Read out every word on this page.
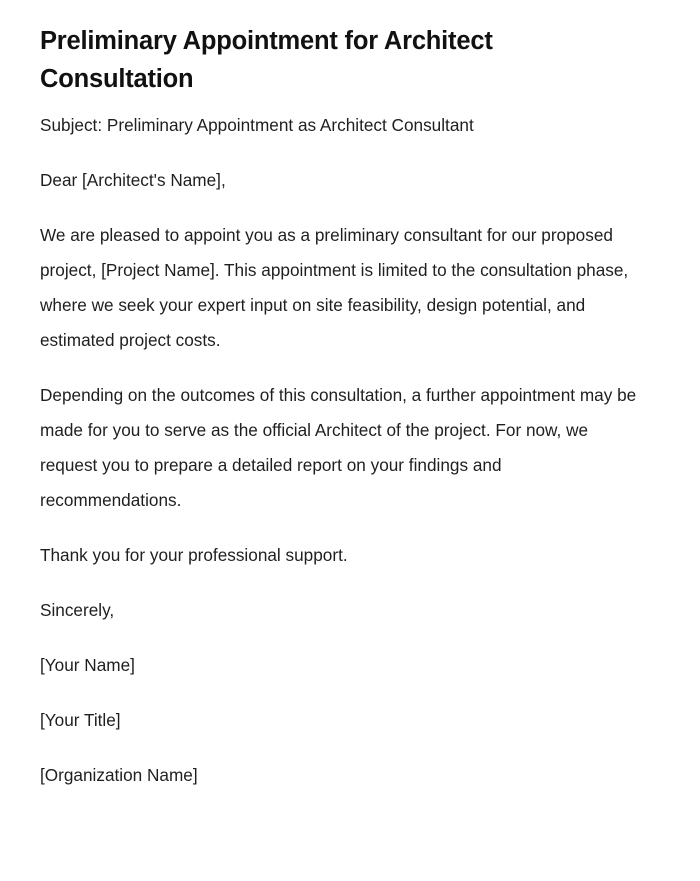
Preliminary Appointment for Architect Consultation

Subject: Preliminary Appointment as Architect Consultant

Dear [Architect's Name],

We are pleased to appoint you as a preliminary consultant for our proposed project, [Project Name]. This appointment is limited to the consultation phase, where we seek your expert input on site feasibility, design potential, and estimated project costs.

Depending on the outcomes of this consultation, a further appointment may be made for you to serve as the official Architect of the project. For now, we request you to prepare a detailed report on your findings and recommendations.

Thank you for your professional support.

Sincerely,

[Your Name]

[Your Title]

[Organization Name]
